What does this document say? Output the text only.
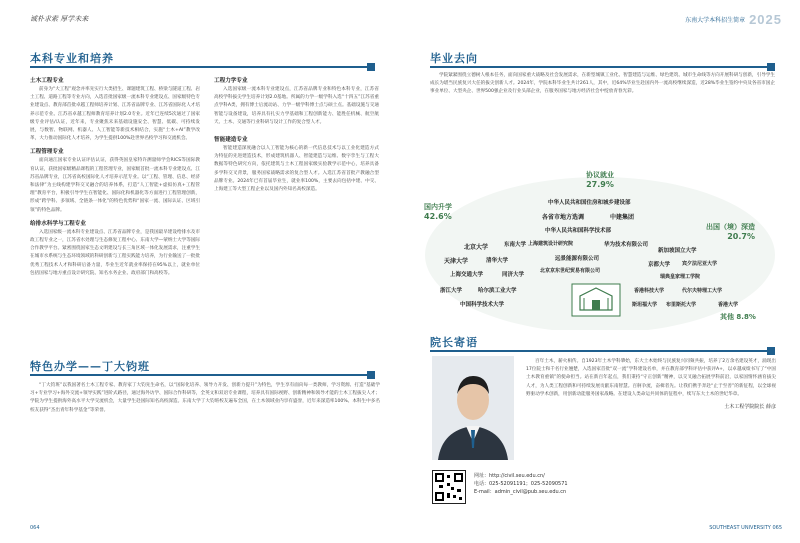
诚朴求索 厚学未来
本科专业和培养
土木工程专业
前身为“大工程”观念并率先实行大类招生、课题建筑工程、桥梁与隧道工程、岩土工程、道路工程等专业方向，入选首批国家级一流本科专业建设点、国家级特色专业建设点、教育部首批卓越工程师培养计划、江苏省品牌专业、江苏省国际化人才培养示范专业。江苏省卓越工程师教育培养计划2.0专业。近年已连续5次通过了国家级专业评估/认证，近年来，专业聚焦未来基础设施安全、智慧、低碳、可持续发展，与数智、物联网、机器人、人工智能等新技术相结合，实施“土木+AI”教学改革，大力推动国际化人才培养，为学生提供100%赴世界名校学习和交流机会。
工程管理专业
面向通江国家专业认证评估认证，获得英国皇家特许测量师学会RICS等国际教育认证，获批国家级精品课程的工程管理专业，国家级首批一流本科专业建设点、江苏省品牌专业，江苏省高校国际化人才培养示范专业。以“工程、管理、信息、经济和法律”为主线构建学科交叉融合的培养体系，打造“人工智能+虚拟仿真+工程管理”教育平台，积极引导学生在智能化、国际化和机器化等方面进行工程管理创新，形成“跨学科、多领域、全链条一体化”的特色优势和“国家一流、国际认证、区域引领”的特色品牌。
给排水科学与工程专业
入选国家级一流本科专业建设点、江苏省品牌专业，是我国最早建设给排水及市政工程专业之一，江苏省水处理与生态修复工程中心、东南大学—蒙纳士大学等国际合作教学平台。紧密围绕国家生态文明建设与长三角区域一体化发展需求，注重学生在城市水系统与生态环境领域的科研创新与工程实践能力培养，为行业输送了一批批优秀工程技术人才和科研后备力量，毕业生近年就业率保持在95%以上，就业单位包括国家与地方重点设计研究院、知名水务企业、政府部门和高校等。
工程力学专业
入选国家级一流本科专业建设点，江苏省品牌专业和特色本科专业，江苏省高校学科拔尖学生培养计划2.0基地。所属的力学一级学科入选“十四五”江苏省重点学科A类，拥有博士后流动站、力学一级学科博士点与硕士点。基础设施与交通智能与设备建设，培养具有扎实力学基础和工程创新能力、能胜任机械、航空航天、土木、交通等行业科研与设计工作的复合型人才。
智能建造专业
智能建造深度融合以人工智能为核心的新一代信息技术与以工业化建造方式为特征的先进建造技术，形成建筑机器人、智能建造与运维、数字孪生与工程大数据等特色研究方向，依托建筑与土木工程国家级实验教学示范中心，培养具备多学科交叉背景，服务国家战略需求的复合型人才。入选江苏省首批产教融合型品牌专业。2024年已有首届毕业生，就业率100%，主要去向包括中建、中交、上海建工等大型工程企业以及国内外知名高校深造。
特色办学——丁大钧班
“丁大钧班”以我国著名土木工程专家、教育家丁大钧先生命名，以“国际化培养、领导力开发、创新力提升”为特色，学生享有面向每一类教师，学习资源、打造“基础学习+专业学习+海外交流+领导实践”进阶式路径，通过海外访学、国际合作科研等，全英文和双语专业课程，培养具有国际视野、创新精神和领导才能的土木工程拔尖人才；学院为学生提供海外高水平大学交流机会，大量学生赴国际知名高校深造。东南大学丁大钧班校友遍布全国，在土木领域业内享有盛誉，近年来深造率100%、本科生中多名校友获得“杰出青年科学基金”等荣誉。
064
东南大学本科招生简章 2025
毕业去向
学院紧紧围绕立德树人根本任务，面向国家重大战略及社会发展需求，在新型城镇工业化、智慧建造与运维、绿色建筑、城市生命线等方向开展科研与创新，引导学生成长为堪当民族复兴大任的拔尖创新人才。2024年，学院本科毕业生共计261人，其中，近64%毕业生赴国内外一流高校继续深造，近28%毕业生签约中央及各省市国企事业单位、大型央企、世界500强企业及行业头部企业，在服务国家与地方经济社会中绽放青春光彩。
协议就业
27.9%
国内升学
42.6%
出国（境）深造
20.7%
其他 8.8%
中华人民共和国住房和城乡建设部
各省市地方选调	中建集团
中华人民共和国科学技术部
上海建筑设计研究院	华为技术有限公司
远景能源有限公司
北京京东世纪贸易有限公司
北京大学	东南大学
天津大学	清华大学
上海交通大学	同济大学
浙江大学	哈尔滨工业大学
中国科学技术大学
新加坡国立大学
京都大学 宾夕法尼亚大学
瑞典皇家理工学院
香港科技大学	代尔夫特理工大学
斯坦福大学 布里斯托大学	香港大学
院长寄语
百年土木，薪火相传。自1923年土木学科肇始，东大土木始终与民族复兴同频共振，培养了2万余名建设英才，涌现出17位院士和千名行业翘楚，入选国家首批“双一流”学科建设名单，并在教育部学科评估中获评A+，以卓越成绩书写了“中国土木教育重镇”的使命担当。站在新百年起点，我们秉持“守正创新”精神，以交叉融合拓展学科前沿，以家国情怀涵育拔尖人才，为人类工程创新和可持续发展贡献东南智慧。百舸争流，奋楫者先。让我们携手奔赴“止于至善”的新征程，以全球视野驱动学术创新，用创新动能服务国家战略。在建设人类命运共同体的征程中，续写东大土木的世纪华章。
土木工程学院院长 薛彦
网址：http://civil.seu.edu.cn/
电话：025-52091191；025-52090571
E-mail：admin_civil@pub.seu.edu.cn
SOUTHEAST UNIVERSITY 065
